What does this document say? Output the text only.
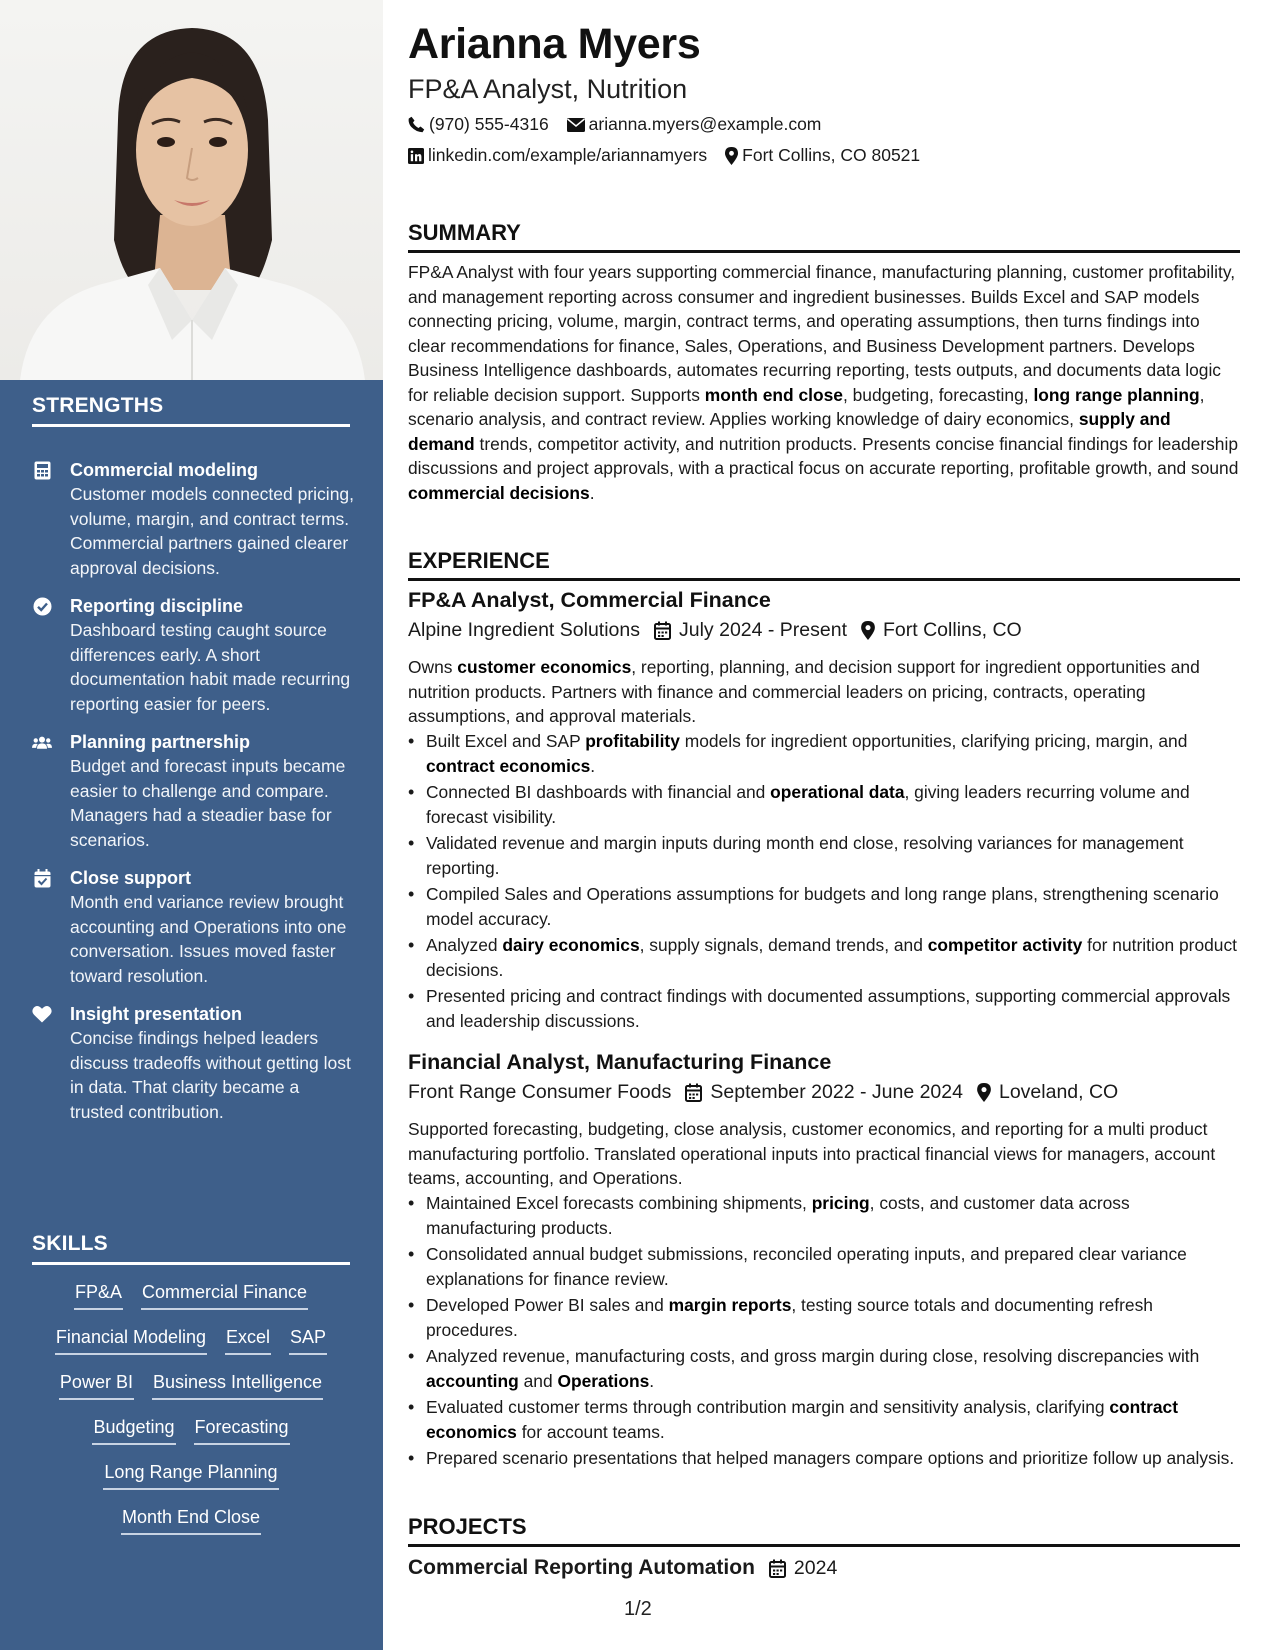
STRENGTHS
Commercial modeling
Customer models connected pricing, volume, margin, and contract terms. Commercial partners gained clearer approval decisions.
Reporting discipline
Dashboard testing caught source differences early. A short documentation habit made recurring reporting easier for peers.
Planning partnership
Budget and forecast inputs became easier to challenge and compare. Managers had a steadier base for scenarios.
Close support
Month end variance review brought accounting and Operations into one conversation. Issues moved faster toward resolution.
Insight presentation
Concise findings helped leaders discuss tradeoffs without getting lost in data. That clarity became a trusted contribution.
SKILLS
FP&A Commercial Finance
Financial Modeling Excel SAP
Power BI Business Intelligence
Budgeting Forecasting
Long Range Planning
Month End Close
Arianna Myers
FP&A Analyst, Nutrition
(970) 555-4316 arianna.myers@example.com
linkedin.com/example/ariannamyers Fort Collins, CO 80521
SUMMARY
FP&A Analyst with four years supporting commercial finance, manufacturing planning, customer profitability, and management reporting across consumer and ingredient businesses. Builds Excel and SAP models connecting pricing, volume, margin, contract terms, and operating assumptions, then turns findings into clear recommendations for finance, Sales, Operations, and Business Development partners. Develops Business Intelligence dashboards, automates recurring reporting, tests outputs, and documents data logic for reliable decision support. Supports month end close, budgeting, forecasting, long range planning, scenario analysis, and contract review. Applies working knowledge of dairy economics, supply and demand trends, competitor activity, and nutrition products. Presents concise financial findings for leadership discussions and project approvals, with a practical focus on accurate reporting, profitable growth, and sound commercial decisions.
EXPERIENCE
FP&A Analyst, Commercial Finance
Alpine Ingredient Solutions July 2024 - Present Fort Collins, CO
Owns customer economics, reporting, planning, and decision support for ingredient opportunities and nutrition products. Partners with finance and commercial leaders on pricing, contracts, operating assumptions, and approval materials.
• Built Excel and SAP profitability models for ingredient opportunities, clarifying pricing, margin, and contract economics.
• Connected BI dashboards with financial and operational data, giving leaders recurring volume and forecast visibility.
• Validated revenue and margin inputs during month end close, resolving variances for management reporting.
• Compiled Sales and Operations assumptions for budgets and long range plans, strengthening scenario model accuracy.
• Analyzed dairy economics, supply signals, demand trends, and competitor activity for nutrition product decisions.
• Presented pricing and contract findings with documented assumptions, supporting commercial approvals and leadership discussions.
Financial Analyst, Manufacturing Finance
Front Range Consumer Foods September 2022 - June 2024 Loveland, CO
Supported forecasting, budgeting, close analysis, customer economics, and reporting for a multi product manufacturing portfolio. Translated operational inputs into practical financial views for managers, account teams, accounting, and Operations.
• Maintained Excel forecasts combining shipments, pricing, costs, and customer data across manufacturing products.
• Consolidated annual budget submissions, reconciled operating inputs, and prepared clear variance explanations for finance review.
• Developed Power BI sales and margin reports, testing source totals and documenting refresh procedures.
• Analyzed revenue, manufacturing costs, and gross margin during close, resolving discrepancies with accounting and Operations.
• Evaluated customer terms through contribution margin and sensitivity analysis, clarifying contract economics for account teams.
• Prepared scenario presentations that helped managers compare options and prioritize follow up analysis.
PROJECTS
Commercial Reporting Automation 2024
1/2
